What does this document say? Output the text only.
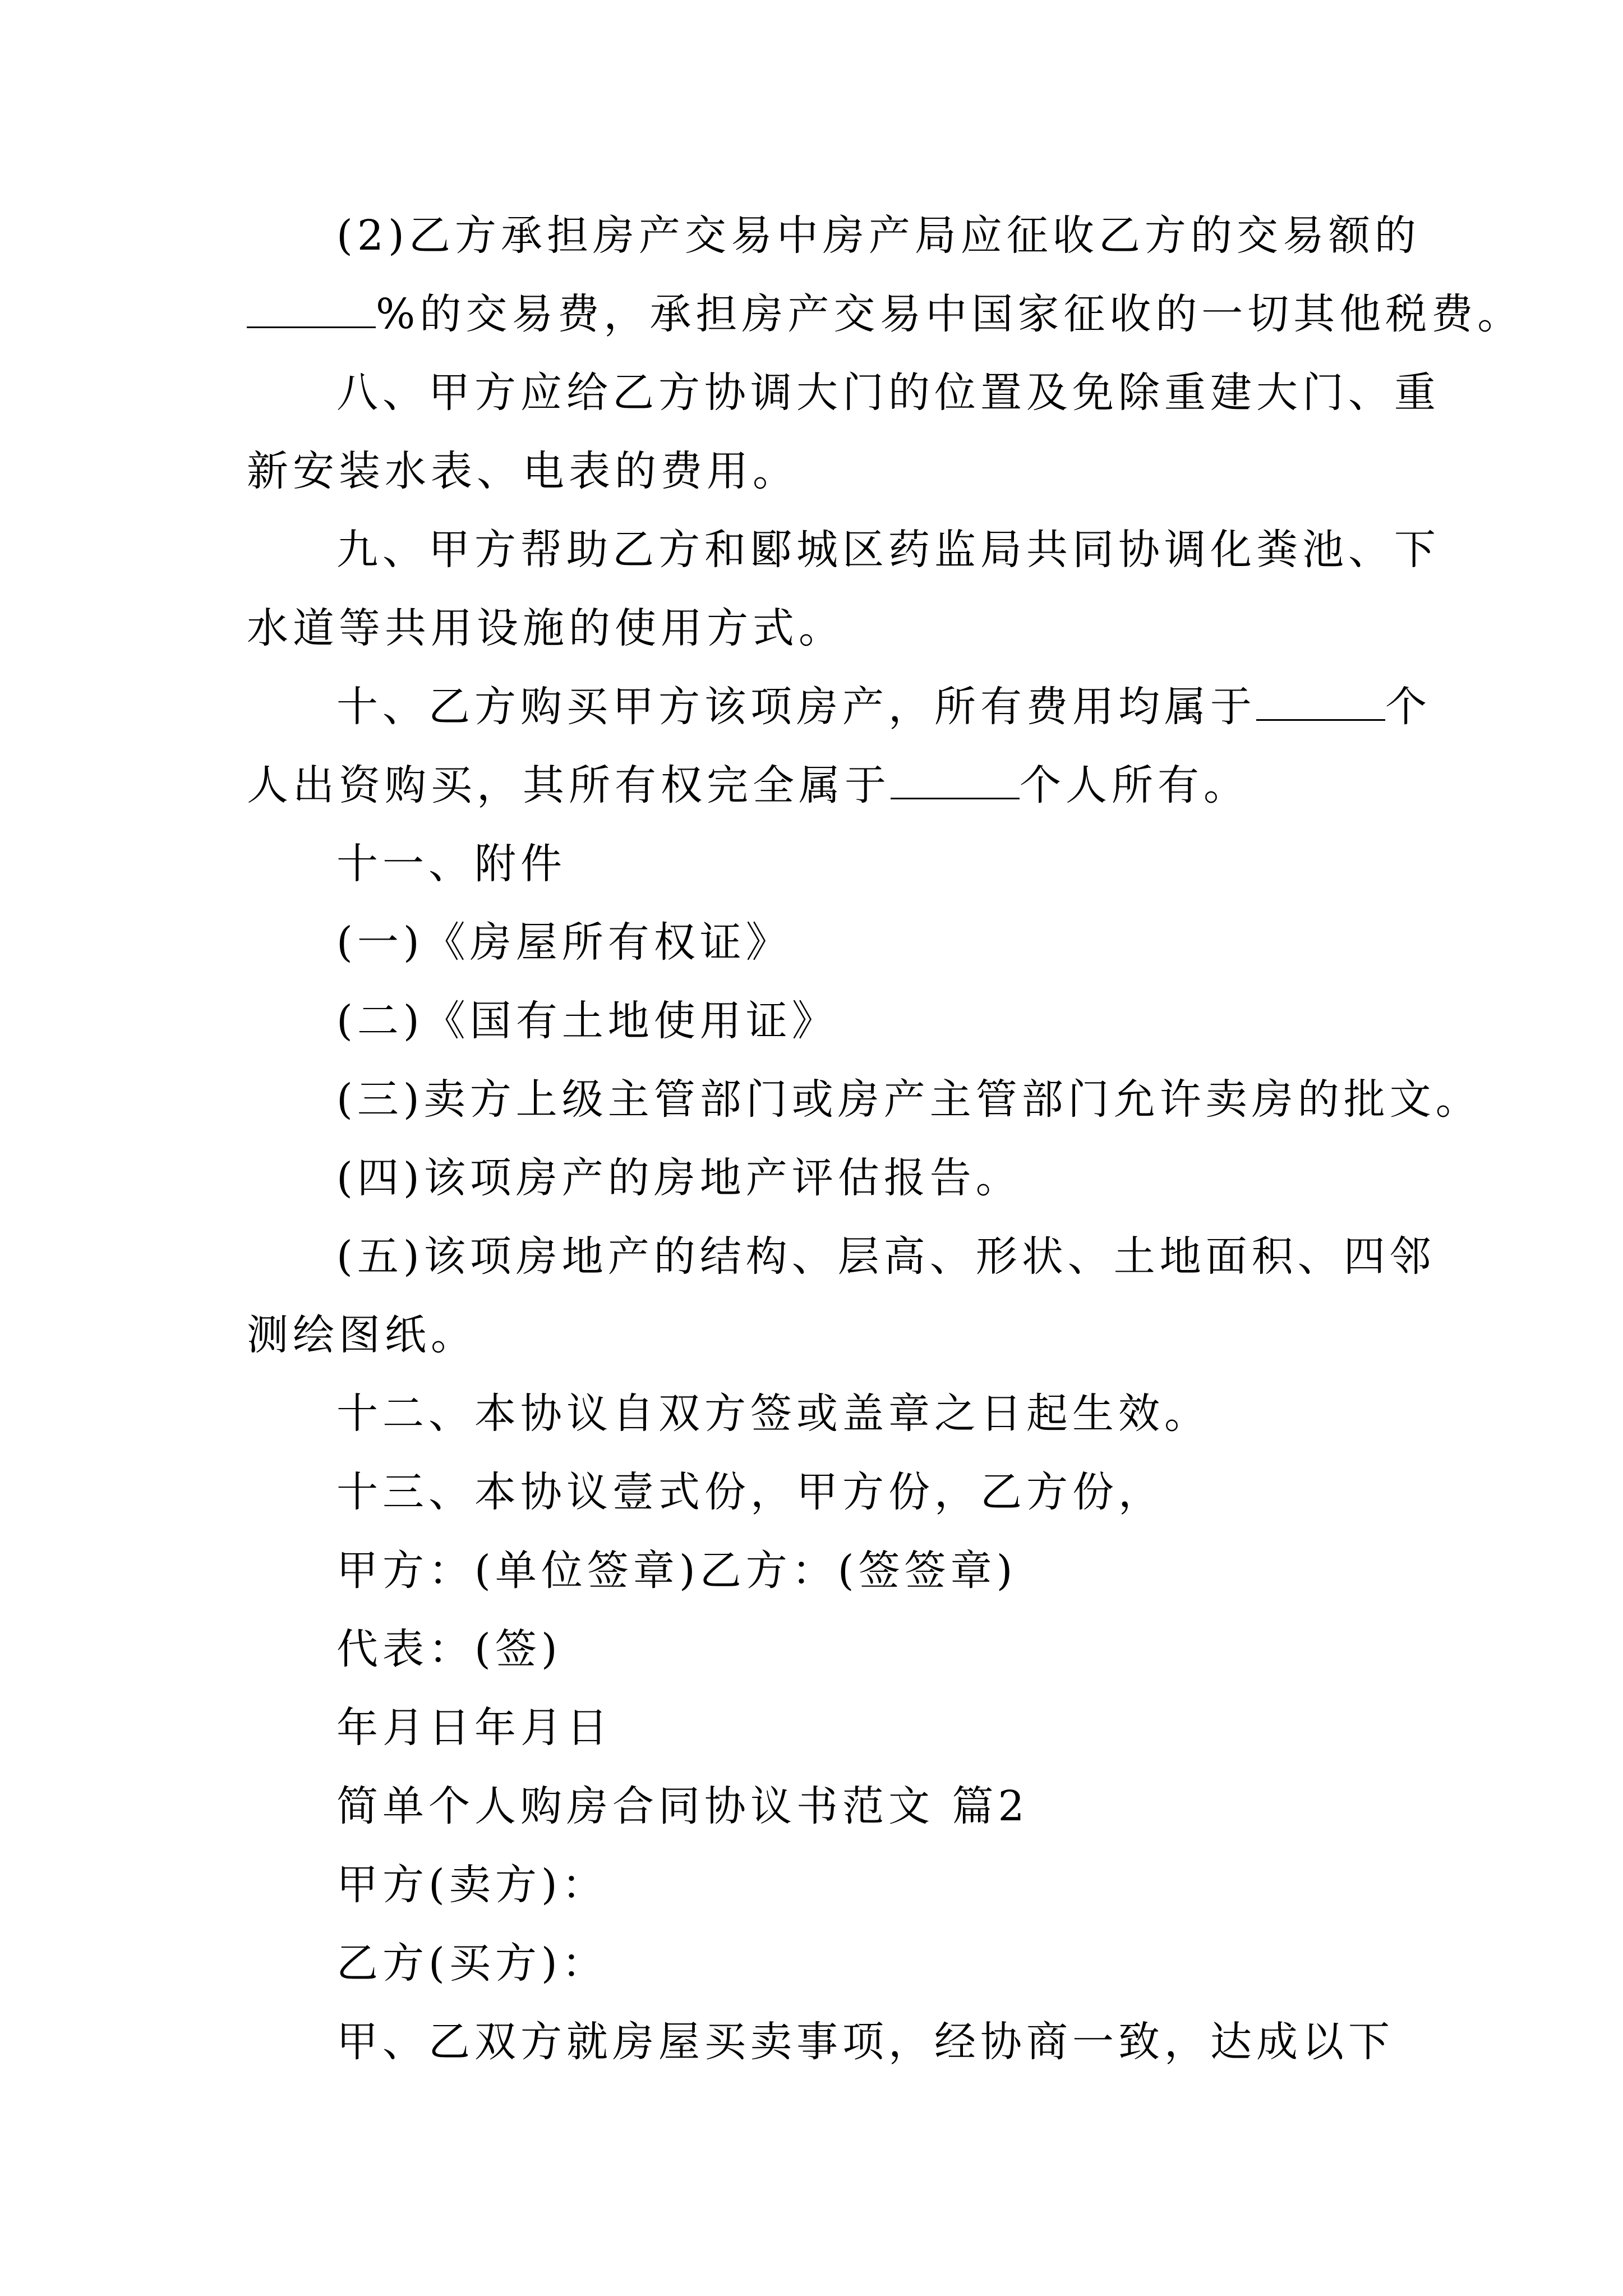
(2)乙方承担房产交易中房产局应征收乙方的交易额的
%的交易费，承担房产交易中国家征收的一切其他税费。
八、甲方应给乙方协调大门的位置及免除重建大门、重
新安装水表、电表的费用。
九、甲方帮助乙方和郾城区药监局共同协调化粪池、下
水道等共用设施的使用方式。
十、乙方购买甲方该项房产，所有费用均属于	个
人出资购买，其所有权完全属于	个人所有。
十一、附件
(一)《房屋所有权证》
(二)《国有土地使用证》
(三)卖方上级主管部门或房产主管部门允许卖房的批文。
(四)该项房产的房地产评估报告。
(五)该项房地产的结构、层高、形状、土地面积、四邻
测绘图纸。
十二、本协议自双方签或盖章之日起生效。
十三、本协议壹式份，甲方份，乙方份，
甲方：(单位签章)乙方：(签签章)
代表：(签)
年月日年月日
简单个人购房合同协议书范文 篇2
甲方(卖方)：
乙方(买方)：
甲、乙双方就房屋买卖事项，经协商一致，达成以下
